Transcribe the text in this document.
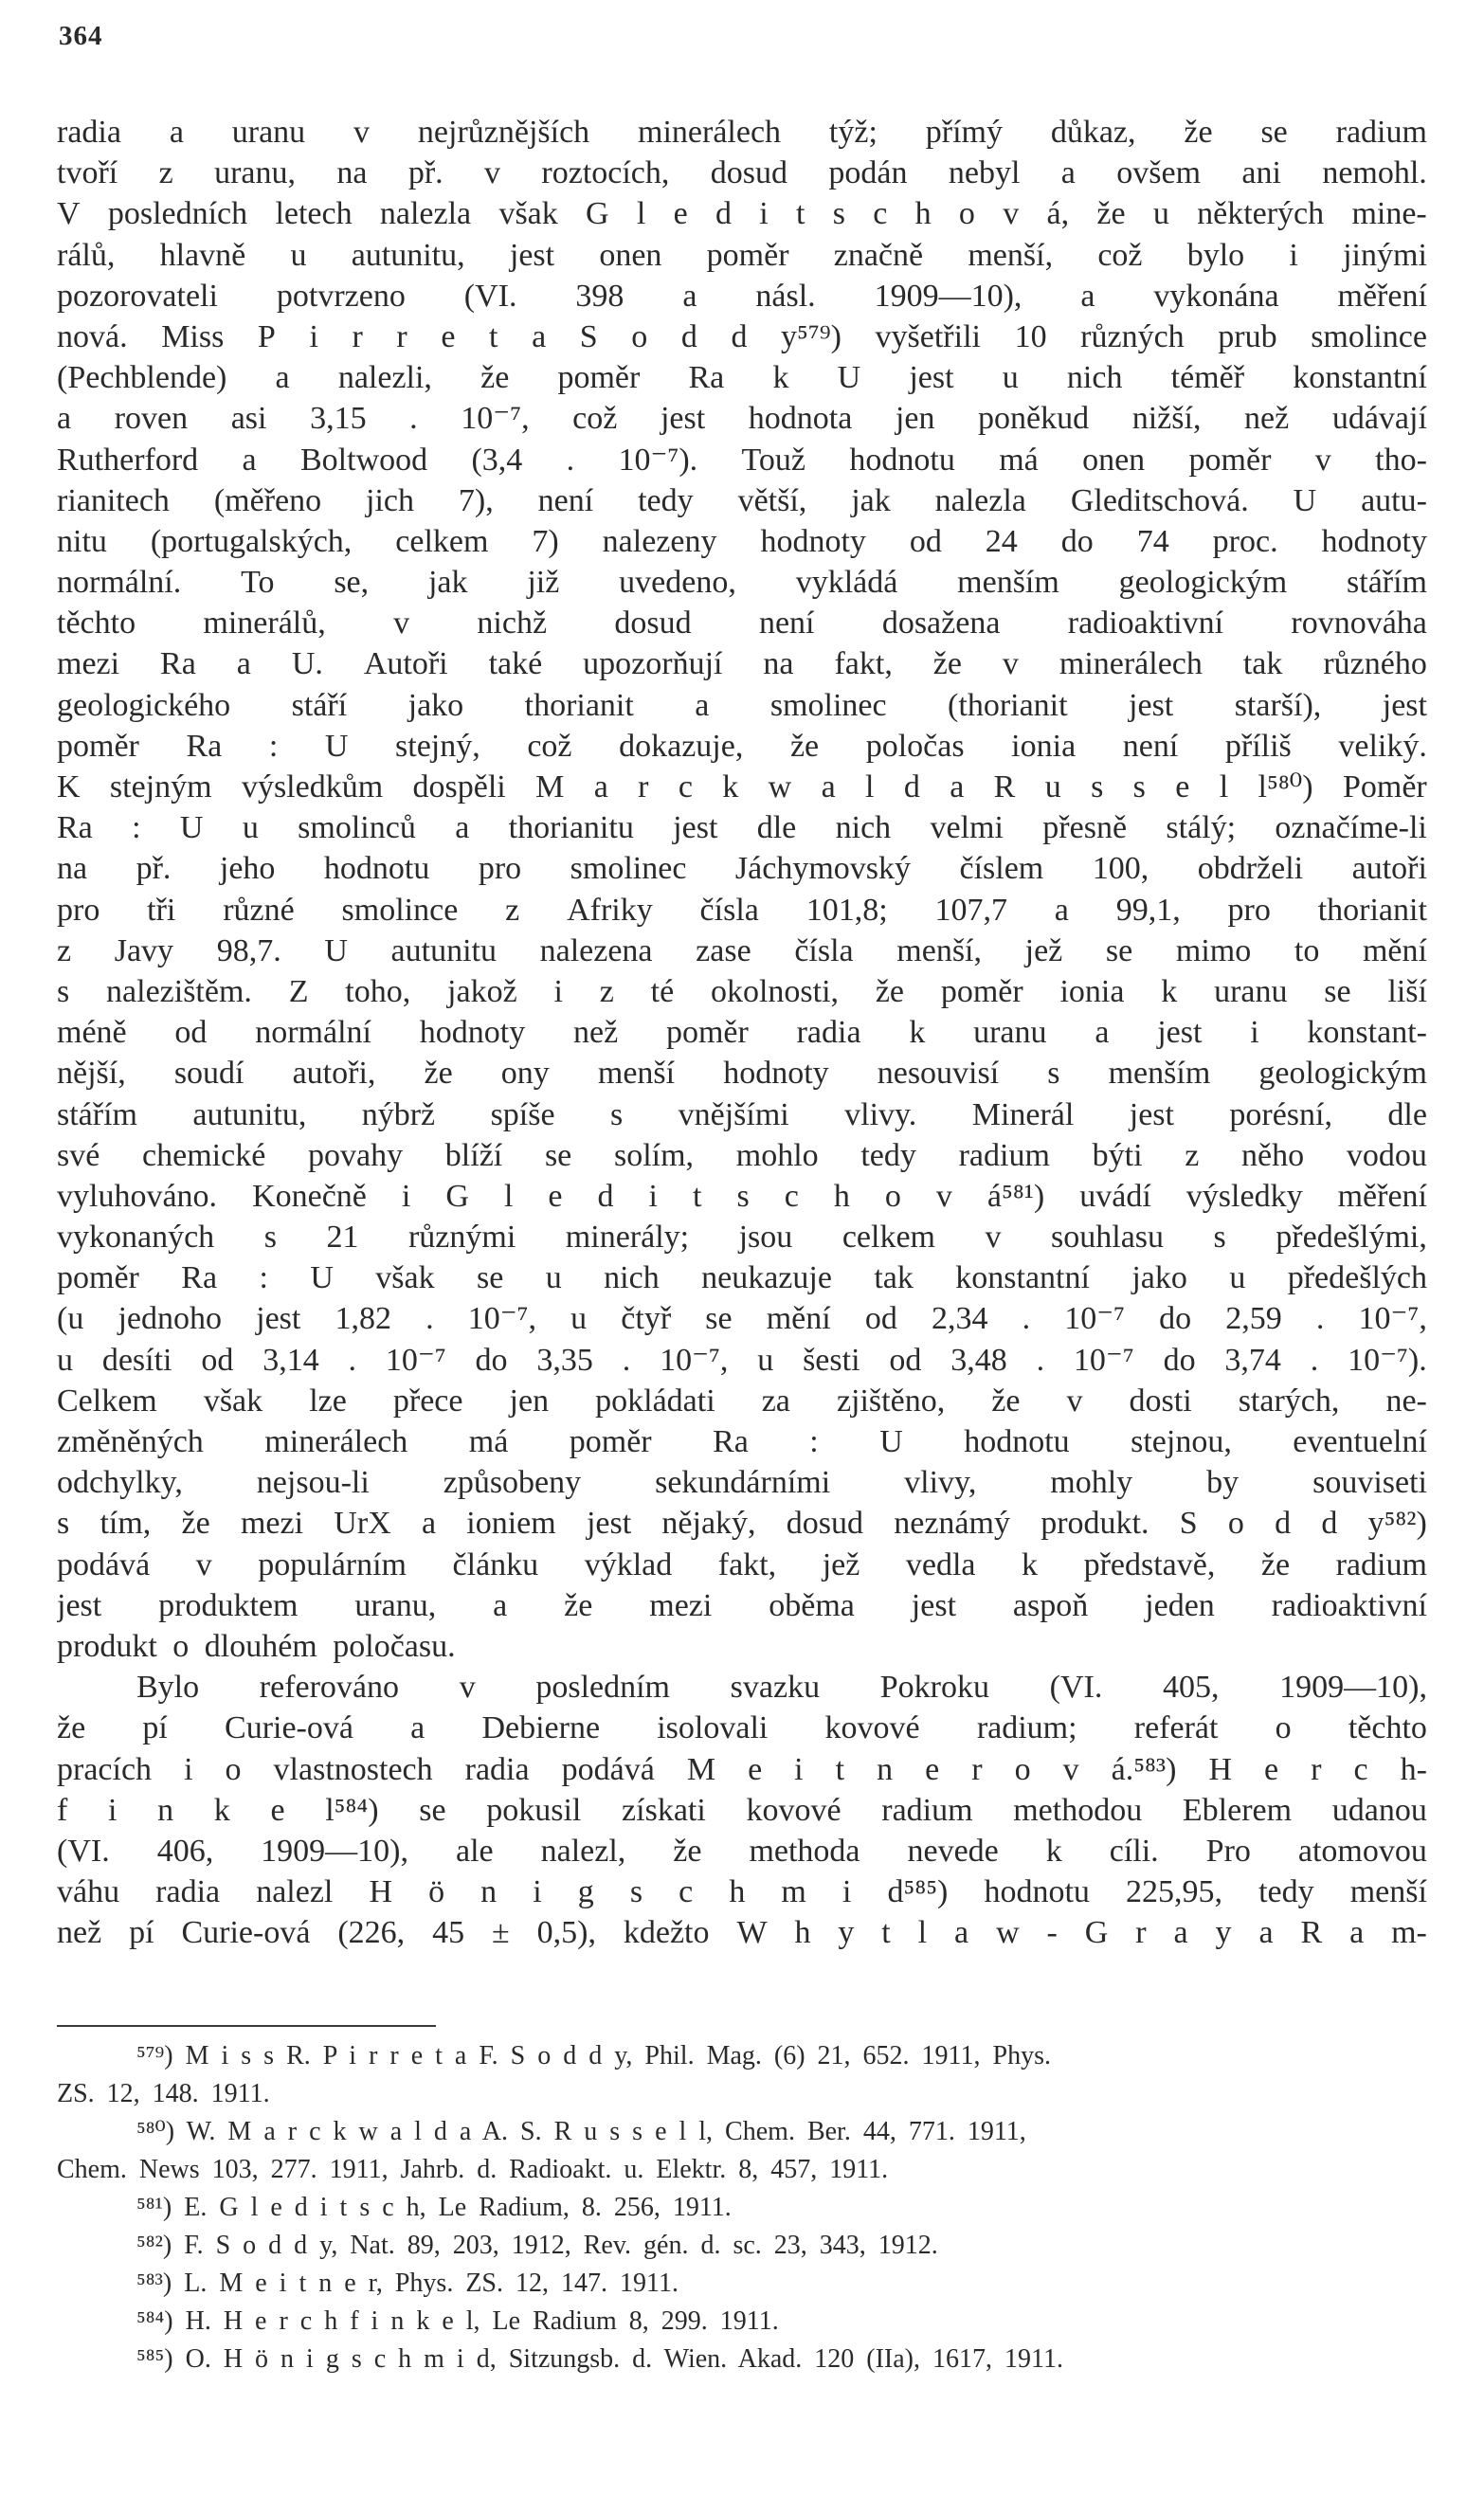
364
radia a uranu v nejrůznějších minerálech týž; přímý důkaz, že se radium
tvoří z uranu, na př. v roztocích, dosud podán nebyl a ovšem ani nemohl.
V posledních letech nalezla však G l e d i t s c h o v á, že u některých mine-
rálů, hlavně u autunitu, jest onen poměr značně menší, což bylo i jinými
pozorovateli potvrzeno (VI. 398 a násl. 1909—10), a vykonána měření
nová. Miss P i r r e t a S o d d y⁵⁷⁹) vyšetřili 10 různých prub smolince
(Pechblende) a nalezli, že poměr Ra k U jest u nich téměř konstantní
a roven asi 3,15 . 10⁻⁷, což jest hodnota jen poněkud nižší, než udávají
Rutherford a Boltwood (3,4 . 10⁻⁷). Touž hodnotu má onen poměr v tho-
rianitech (měřeno jich 7), není tedy větší, jak nalezla Gleditschová. U autu-
nitu (portugalských, celkem 7) nalezeny hodnoty od 24 do 74 proc. hodnoty
normální. To se, jak již uvedeno, vykládá menším geologickým stářím
těchto minerálů, v nichž dosud není dosažena radioaktivní rovnováha
mezi Ra a U. Autoři také upozorňují na fakt, že v minerálech tak různého
geologického stáří jako thorianit a smolinec (thorianit jest starší), jest
poměr Ra : U stejný, což dokazuje, že poločas ionia není příliš veliký.
K stejným výsledkům dospěli M a r c k w a l d a R u s s e l l⁵⁸⁰) Poměr
Ra : U u smolinců a thorianitu jest dle nich velmi přesně stálý; označíme-li
na př. jeho hodnotu pro smolinec Jáchymovský číslem 100, obdrželi autoři
pro tři různé smolince z Afriky čísla 101,8; 107,7 a 99,1, pro thorianit
z Javy 98,7. U autunitu nalezena zase čísla menší, jež se mimo to mění
s nalezištěm. Z toho, jakož i z té okolnosti, že poměr ionia k uranu se liší
méně od normální hodnoty než poměr radia k uranu a jest i konstant-
nější, soudí autoři, že ony menší hodnoty nesouvisí s menším geologickým
stářím autunitu, nýbrž spíše s vnějšími vlivy. Minerál jest porésní, dle
své chemické povahy blíží se solím, mohlo tedy radium býti z něho vodou
vyluhováno. Konečně i G l e d i t s c h o v á⁵⁸¹) uvádí výsledky měření
vykonaných s 21 různými minerály; jsou celkem v souhlasu s předešlými,
poměr Ra : U však se u nich neukazuje tak konstantní jako u předešlých
(u jednoho jest 1,82 . 10⁻⁷, u čtyř se mění od 2,34 . 10⁻⁷ do 2,59 . 10⁻⁷,
u desíti od 3,14 . 10⁻⁷ do 3,35 . 10⁻⁷, u šesti od 3,48 . 10⁻⁷ do 3,74 . 10⁻⁷).
Celkem však lze přece jen pokládati za zjištěno, že v dosti starých, ne-
změněných minerálech má poměr Ra : U hodnotu stejnou, eventuelní
odchylky, nejsou-li způsobeny sekundárními vlivy, mohly by souviseti
s tím, že mezi UrX a ioniem jest nějaký, dosud neznámý produkt. S o d d y⁵⁸²)
podává v populárním článku výklad fakt, jež vedla k představě, že radium
jest produktem uranu, a že mezi oběma jest aspoň jeden radioaktivní
produkt o dlouhém poločasu.
Bylo referováno v posledním svazku Pokroku (VI. 405, 1909—10),
že pí Curie-ová a Debierne isolovali kovové radium; referát o těchto
pracích i o vlastnostech radia podává M e i t n e r o v á.⁵⁸³) H e r c h-
f i n k e l⁵⁸⁴) se pokusil získati kovové radium methodou Eblerem udanou
(VI. 406, 1909—10), ale nalezl, že methoda nevede k cíli. Pro atomovou
váhu radia nalezl H ö n i g s c h m i d⁵⁸⁵) hodnotu 225,95, tedy menší
než pí Curie-ová (226, 45 ± 0,5), kdežto W h y t l a w - G r a y a R a m-
⁵⁷⁹) M i s s R. P i r r e t a F. S o d d y, Phil. Mag. (6) 21, 652. 1911, Phys.
ZS. 12, 148. 1911.
⁵⁸⁰) W. M a r c k w a l d a A. S. R u s s e l l, Chem. Ber. 44, 771. 1911,
Chem. News 103, 277. 1911, Jahrb. d. Radioakt. u. Elektr. 8, 457, 1911.
⁵⁸¹) E. G l e d i t s c h, Le Radium, 8. 256, 1911.
⁵⁸²) F. S o d d y, Nat. 89, 203, 1912, Rev. gén. d. sc. 23, 343, 1912.
⁵⁸³) L. M e i t n e r, Phys. ZS. 12, 147. 1911.
⁵⁸⁴) H. H e r c h f i n k e l, Le Radium 8, 299. 1911.
⁵⁸⁵) O. H ö n i g s c h m i d, Sitzungsb. d. Wien. Akad. 120 (IIa), 1617, 1911.
